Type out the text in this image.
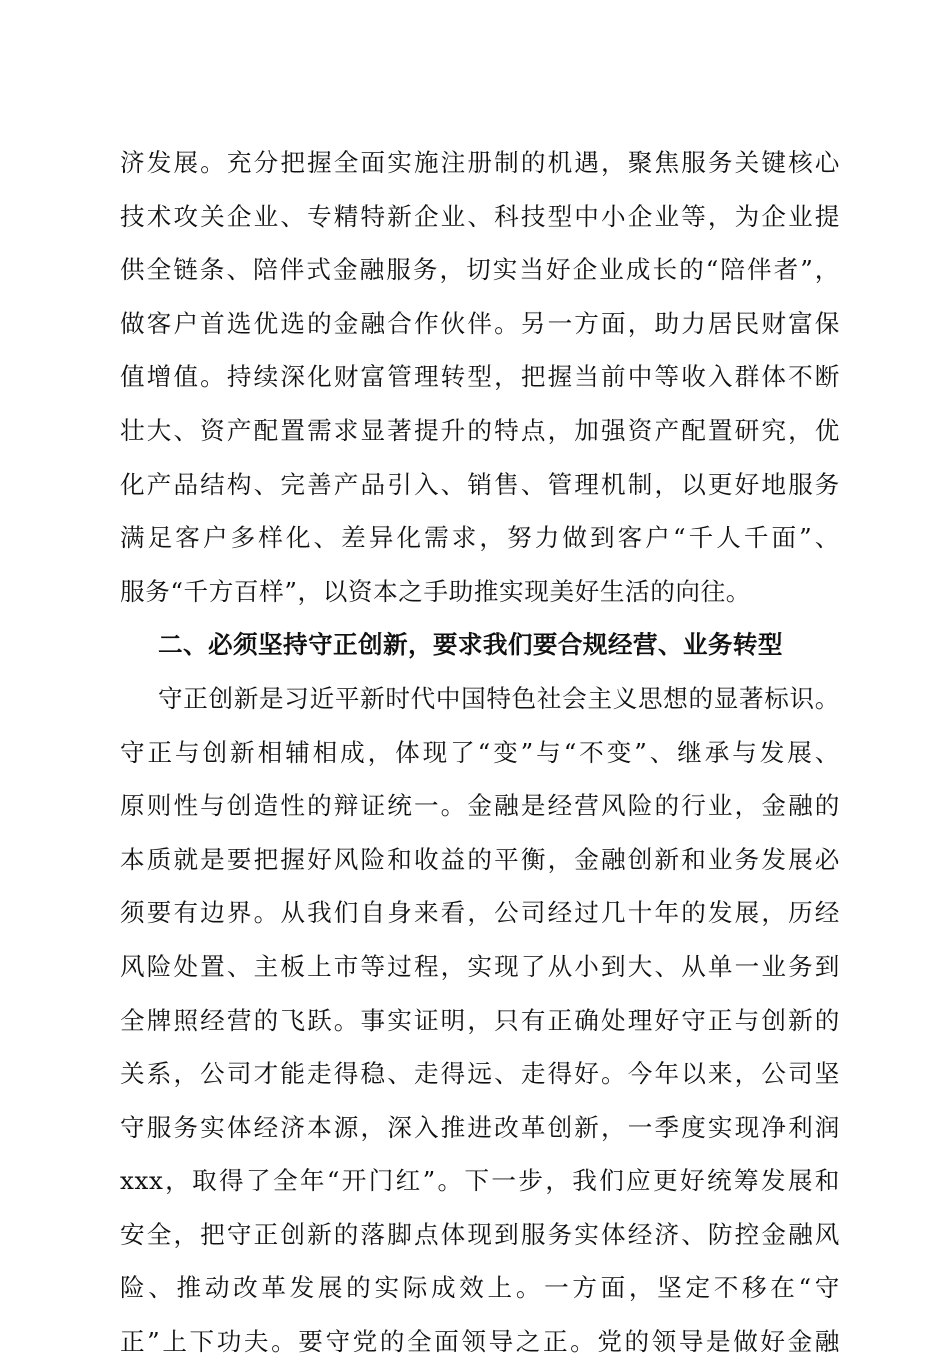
济发展。充分把握全面实施注册制的机遇，聚焦服务关键核心
技术攻关企业、专精特新企业、科技型中小企业等，为企业提
供全链条、陪伴式金融服务，切实当好企业成长的“陪伴者”，
做客户首选优选的金融合作伙伴。另一方面，助力居民财富保
值增值。持续深化财富管理转型，把握当前中等收入群体不断
壮大、资产配置需求显著提升的特点，加强资产配置研究，优
化产品结构、完善产品引入、销售、管理机制，以更好地服务
满足客户多样化、差异化需求，努力做到客户“千人千面”、
服务“千方百样”，以资本之手助推实现美好生活的向往。
二、必须坚持守正创新，要求我们要合规经营、业务转型
守正创新是习近平新时代中国特色社会主义思想的显著标识。
守正与创新相辅相成，体现了“变”与“不变”、继承与发展、
原则性与创造性的辩证统一。金融是经营风险的行业，金融的
本质就是要把握好风险和收益的平衡，金融创新和业务发展必
须要有边界。从我们自身来看，公司经过几十年的发展，历经
风险处置、主板上市等过程，实现了从小到大、从单一业务到
全牌照经营的飞跃。事实证明，只有正确处理好守正与创新的
关系，公司才能走得稳、走得远、走得好。今年以来，公司坚
守服务实体经济本源，深入推进改革创新，一季度实现净利润
xxx，取得了全年“开门红”。下一步，我们应更好统筹发展和
安全，把守正创新的落脚点体现到服务实体经济、防控金融风
险、推动改革发展的实际成效上。一方面，坚定不移在“守
正”上下功夫。要守党的全面领导之正。党的领导是做好金融
